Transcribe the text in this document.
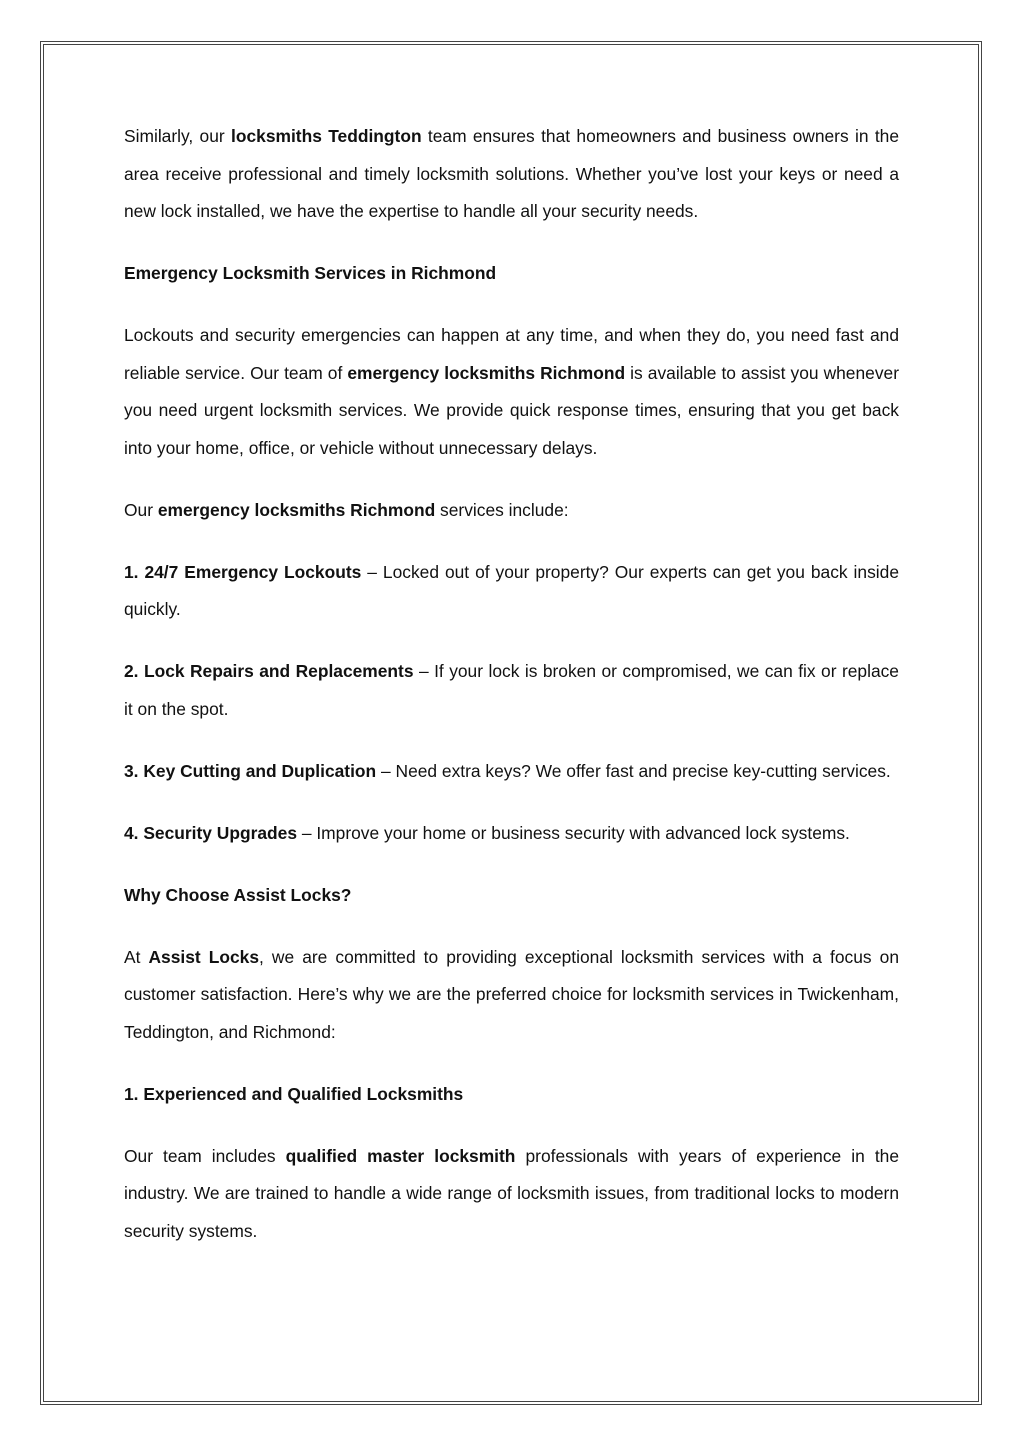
Similarly, our locksmiths Teddington team ensures that homeowners and business owners in the area receive professional and timely locksmith solutions. Whether you’ve lost your keys or need a new lock installed, we have the expertise to handle all your security needs.

Emergency Locksmith Services in Richmond

Lockouts and security emergencies can happen at any time, and when they do, you need fast and reliable service. Our team of emergency locksmiths Richmond is available to assist you whenever you need urgent locksmith services. We provide quick response times, ensuring that you get back into your home, office, or vehicle without unnecessary delays.

Our emergency locksmiths Richmond services include:

1. 24/7 Emergency Lockouts – Locked out of your property? Our experts can get you back inside quickly.

2. Lock Repairs and Replacements – If your lock is broken or compromised, we can fix or replace it on the spot.

3. Key Cutting and Duplication – Need extra keys? We offer fast and precise key-cutting services.

4. Security Upgrades – Improve your home or business security with advanced lock systems.

Why Choose Assist Locks?

At Assist Locks, we are committed to providing exceptional locksmith services with a focus on customer satisfaction. Here’s why we are the preferred choice for locksmith services in Twickenham, Teddington, and Richmond:

1. Experienced and Qualified Locksmiths

Our team includes qualified master locksmith professionals with years of experience in the industry. We are trained to handle a wide range of locksmith issues, from traditional locks to modern security systems.
